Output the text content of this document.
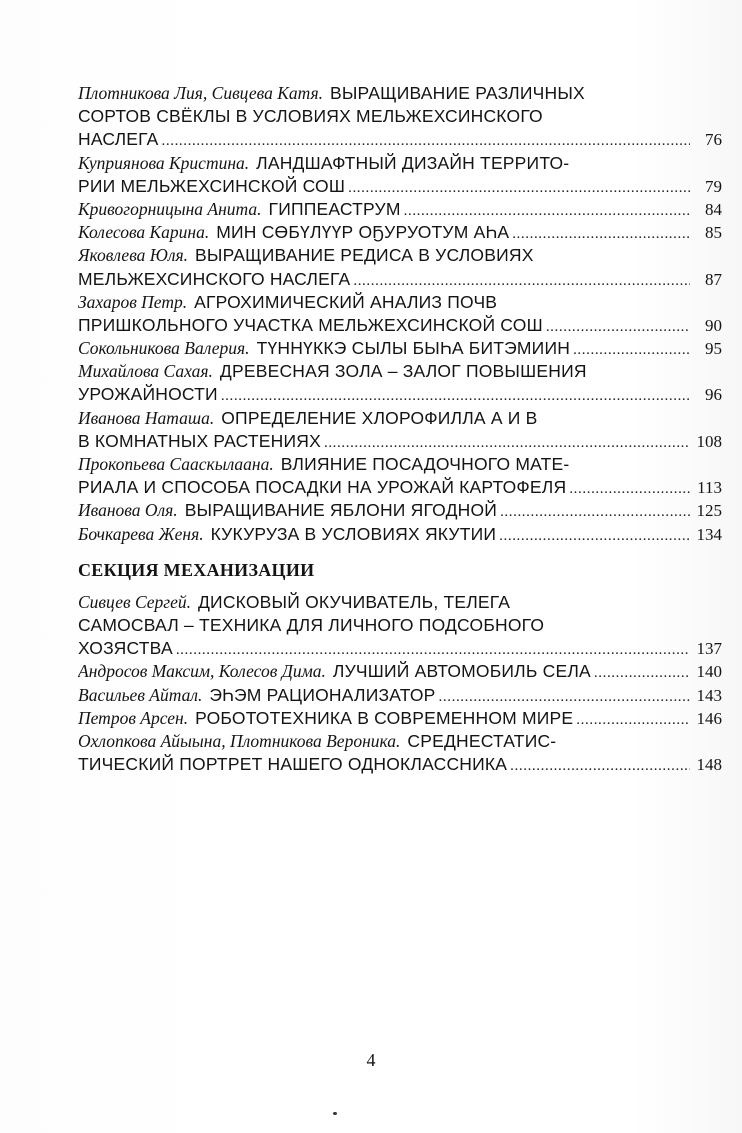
Плотникова Лия, Сивцева Катя. ВЫРАЩИВАНИЕ РАЗЛИЧНЫХ
СОРТОВ СВЁКЛЫ В УСЛОВИЯХ МЕЛЬЖЕХСИНСКОГО
НАСЛЕГА .....	76
Куприянова Кристина. ЛАНДШАФТНЫЙ ДИЗАЙН ТЕРРИТО-
РИИ МЕЛЬЖЕХСИНСКОЙ СОШ .....	79
Кривогорницына Анита. ГИППЕАСТРУМ .....	84
Колесова Карина. МИН СӨБҮЛҮҮР ОҔУРУОТУМ АҺА .....	85
Яковлева Юля. ВЫРАЩИВАНИЕ РЕДИСА В УСЛОВИЯХ
МЕЛЬЖЕХСИНСКОГО НАСЛЕГА .....	87
Захаров Петр. АГРОХИМИЧЕСКИЙ АНАЛИЗ ПОЧВ
ПРИШКОЛЬНОГО УЧАСТКА МЕЛЬЖЕХСИНСКОЙ СОШ .....	90
Сокольникова Валерия. ТҮННҮККЭ СЫЛЫ БЫҺА БИТЭМИИН .....	95
Михайлова Сахая. ДРЕВЕСНАЯ ЗОЛА – ЗАЛОГ ПОВЫШЕНИЯ
УРОЖАЙНОСТИ .....	96
Иванова Наташа. ОПРЕДЕЛЕНИЕ ХЛОРОФИЛЛА А И В
В КОМНАТНЫХ РАСТЕНИЯХ .....	108
Прокопьева Сааскылаана. ВЛИЯНИЕ ПОСАДОЧНОГО МАТЕ-
РИАЛА И СПОСОБА ПОСАДКИ НА УРОЖАЙ КАРТОФЕЛЯ .....	113
Иванова Оля. ВЫРАЩИВАНИЕ ЯБЛОНИ ЯГОДНОЙ .....	125
Бочкарева Женя. КУКУРУЗА В УСЛОВИЯХ ЯКУТИИ .....	134
СЕКЦИЯ МЕХАНИЗАЦИИ
Сивцев Сергей. ДИСКОВЫЙ ОКУЧИВАТЕЛЬ, ТЕЛЕГА
САМОСВАЛ – ТЕХНИКА ДЛЯ ЛИЧНОГО ПОДСОБНОГО
ХОЗЯСТВА .....	137
Андросов Максим, Колесов Дима. ЛУЧШИЙ АВТОМОБИЛЬ СЕЛА .....	140
Васильев Айтал. ЭҺЭМ РАЦИОНАЛИЗАТОР .....	143
Петров Арсен. РОБОТОТЕХНИКА В СОВРЕМЕННОМ МИРЕ .....	146
Охлопкова Айыына, Плотникова Вероника. СРЕДНЕСТАТИС-
ТИЧЕСКИЙ ПОРТРЕТ НАШЕГО ОДНОКЛАССНИКА .....	148
4
